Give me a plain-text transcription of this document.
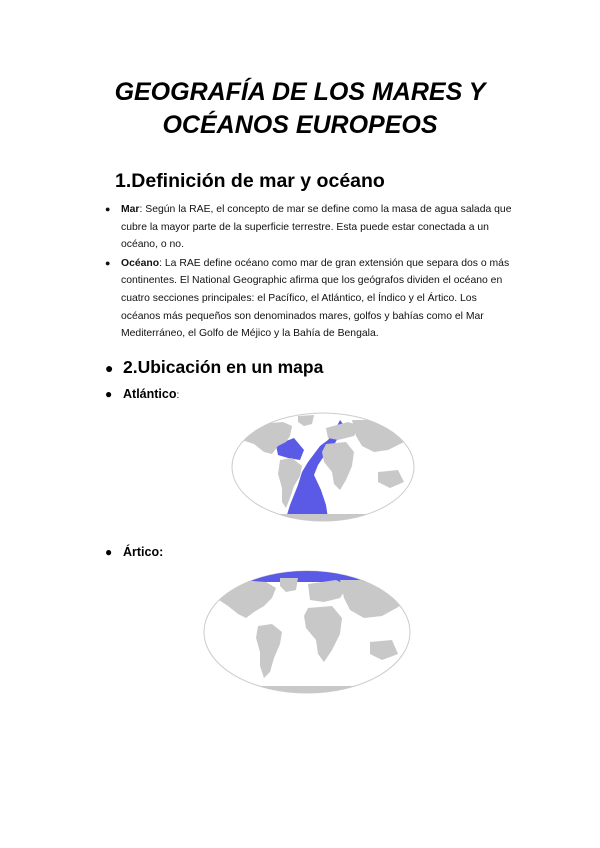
GEOGRAFÍA DE LOS MARES Y
OCÉANOS EUROPEOS
1.Definición de mar y océano
● Mar: Según la RAE, el concepto de mar se define como la masa de agua salada que cubre la mayor parte de la superficie terrestre. Esta puede estar conectada a un océano, o no.
● Océano: La RAE define océano como mar de gran extensión que separa dos o más continentes. El National Geographic afirma que los geógrafos dividen el océano en cuatro secciones principales: el Pacífico, el Atlántico, el Índico y el Ártico. Los océanos más pequeños son denominados mares, golfos y bahías como el Mar Mediterráneo, el Golfo de Méjico y la Bahía de Bengala.
● 2.Ubicación en un mapa
● Atlántico:
● Ártico:
